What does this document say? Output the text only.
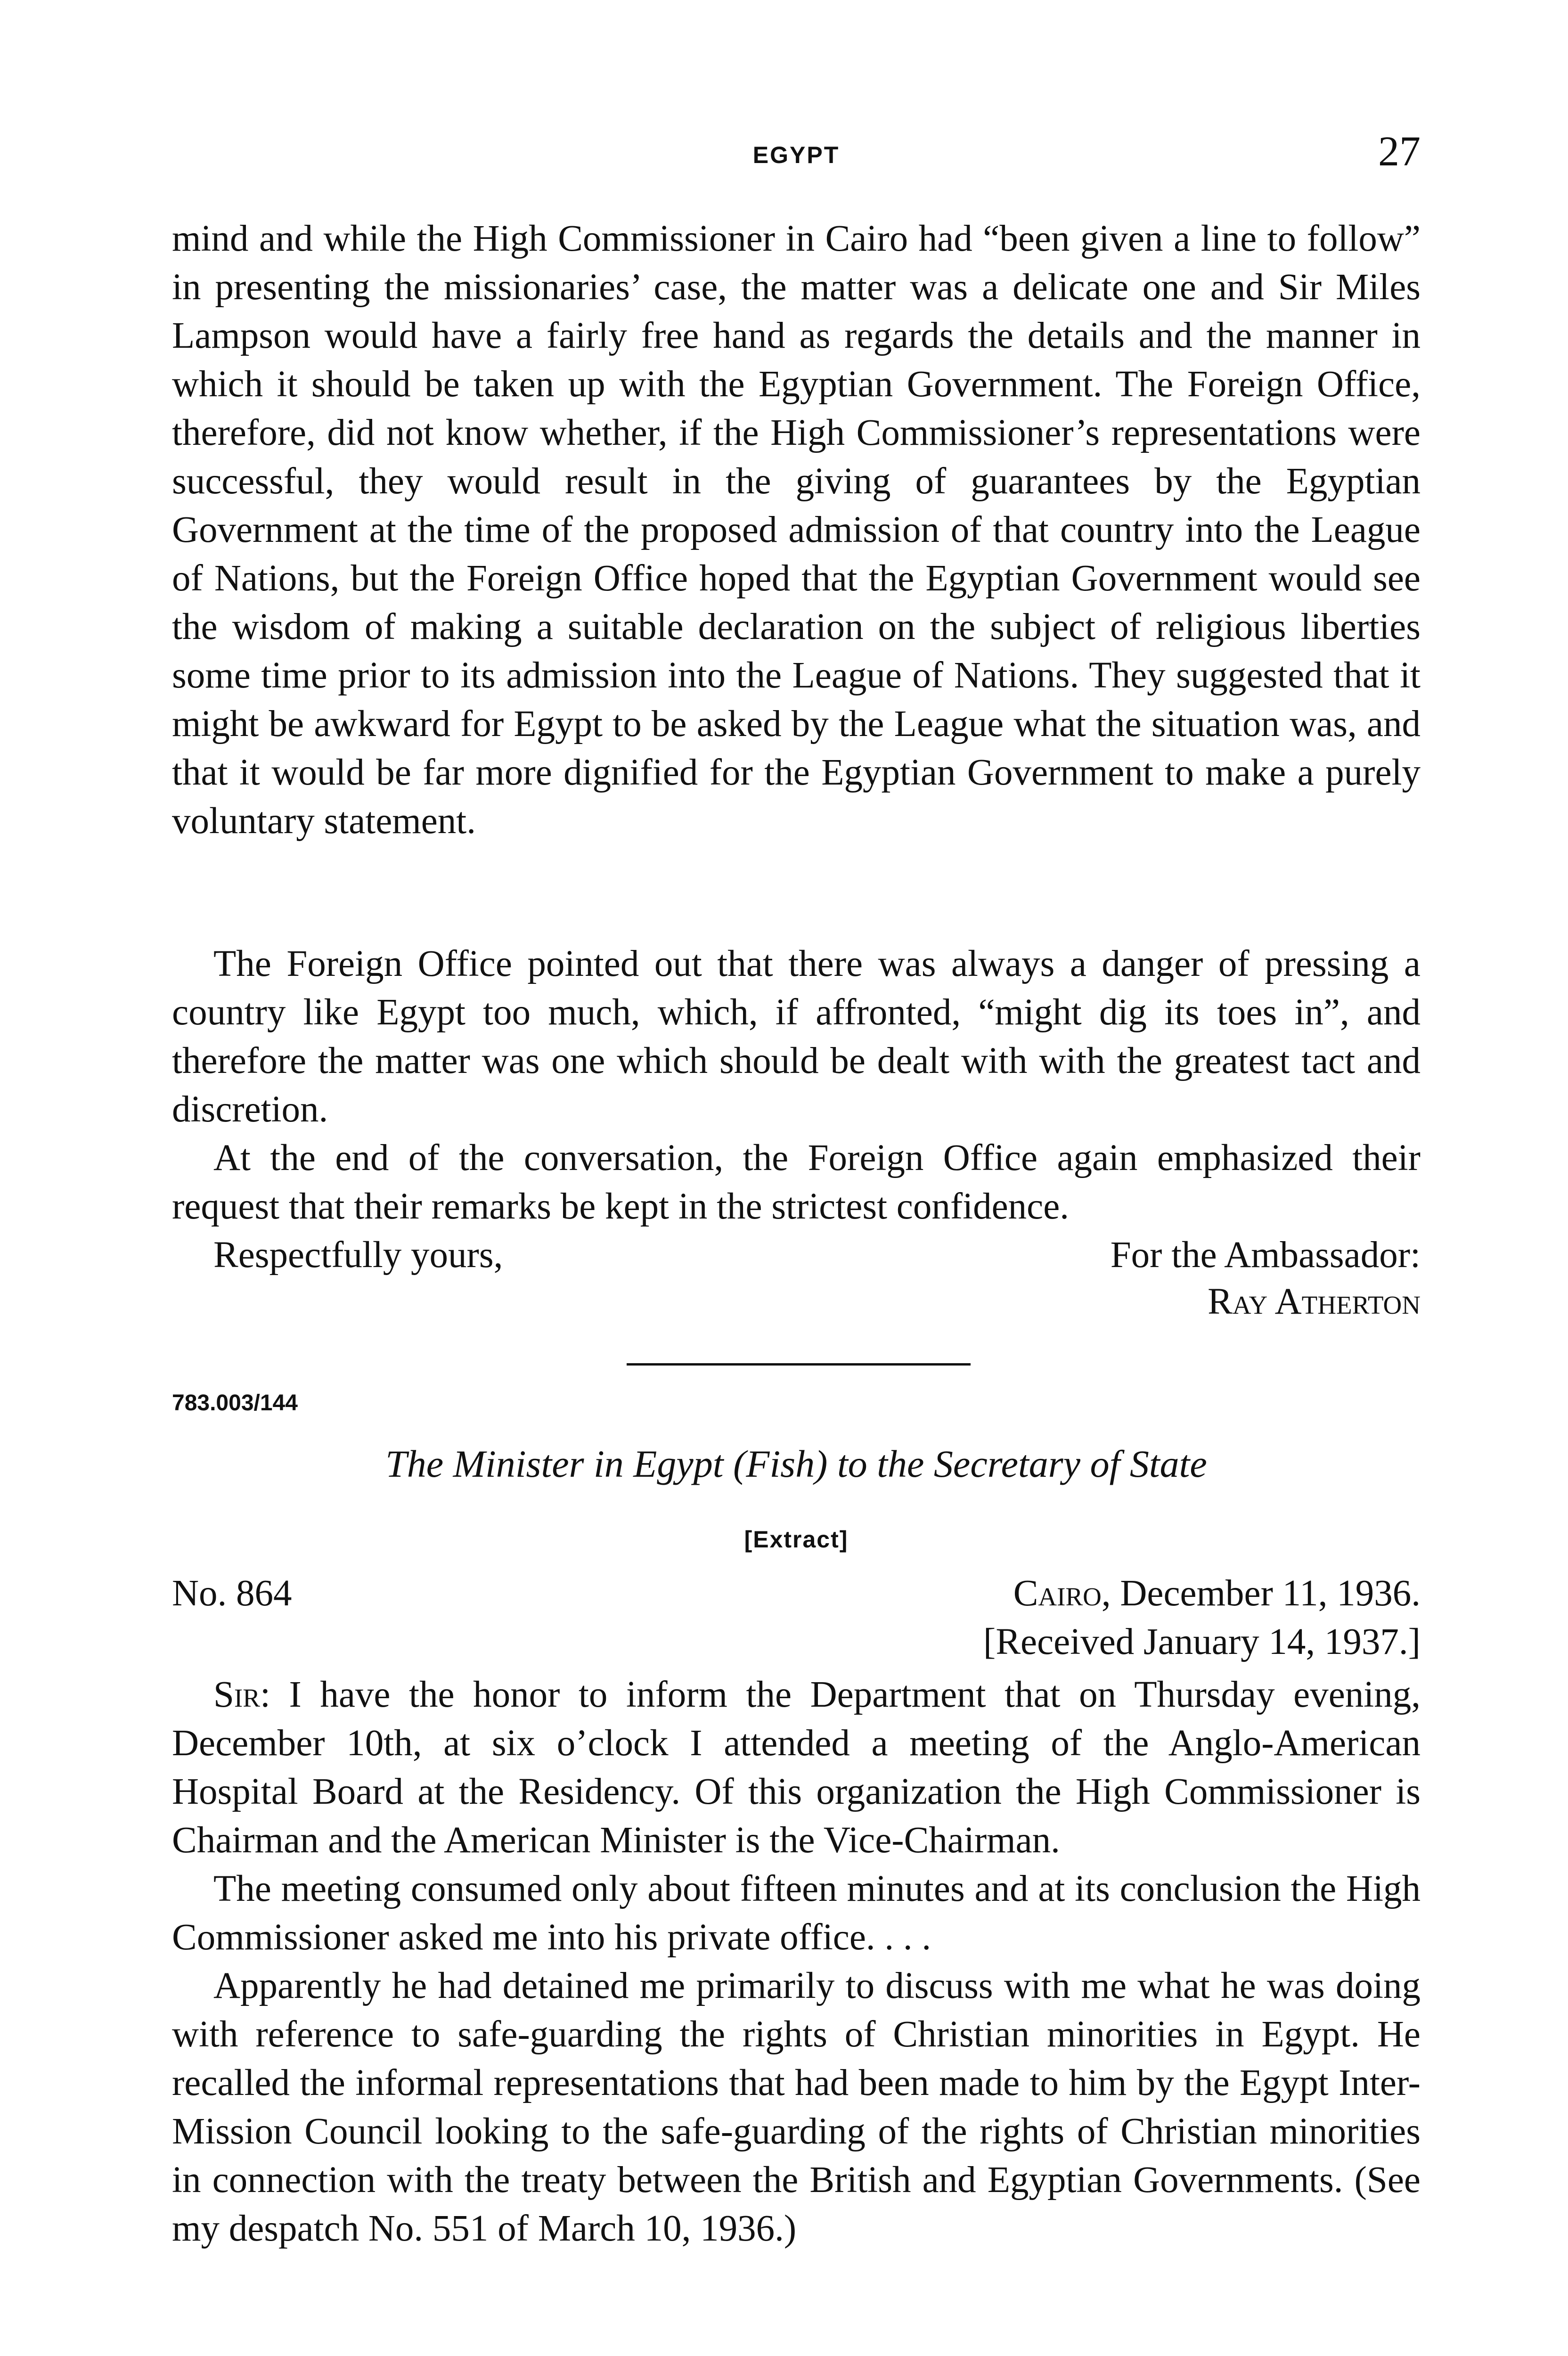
EGYPT	27

mind and while the High Commissioner in Cairo had “been given a line to follow” in presenting the missionaries’ case, the matter was a delicate one and Sir Miles Lampson would have a fairly free hand as regards the details and the manner in which it should be taken up with the Egyptian Government. The Foreign Office, therefore, did not know whether, if the High Commissioner’s representations were successful, they would result in the giving of guarantees by the Egyptian Government at the time of the proposed admission of that country into the League of Nations, but the Foreign Office hoped that the Egyptian Government would see the wisdom of making a suitable declaration on the subject of religious liberties some time prior to its admission into the League of Nations. They suggested that it might be awkward for Egypt to be asked by the League what the situation was, and that it would be far more dignified for the Egyptian Government to make a purely voluntary statement.

The Foreign Office pointed out that there was always a danger of pressing a country like Egypt too much, which, if affronted, “might dig its toes in”, and therefore the matter was one which should be dealt with with the greatest tact and discretion.

At the end of the conversation, the Foreign Office again emphasized their request that their remarks be kept in the strictest confidence.

Respectfully yours,	For the Ambassador:
Ray Atherton
783.003/144
The Minister in Egypt (Fish) to the Secretary of State
[Extract]
No. 864	Cairo, December 11, 1936.
[Received January 14, 1937.]

Sir: I have the honor to inform the Department that on Thursday evening, December 10th, at six o’clock I attended a meeting of the Anglo-American Hospital Board at the Residency. Of this organization the High Commissioner is Chairman and the American Minister is the Vice-Chairman.

The meeting consumed only about fifteen minutes and at its conclusion the High Commissioner asked me into his private office. . . .

Apparently he had detained me primarily to discuss with me what he was doing with reference to safe-guarding the rights of Christian minorities in Egypt. He recalled the informal representations that had been made to him by the Egypt Inter-Mission Council looking to the safe-guarding of the rights of Christian minorities in connection with the treaty between the British and Egyptian Governments. (See my despatch No. 551 of March 10, 1936.)
